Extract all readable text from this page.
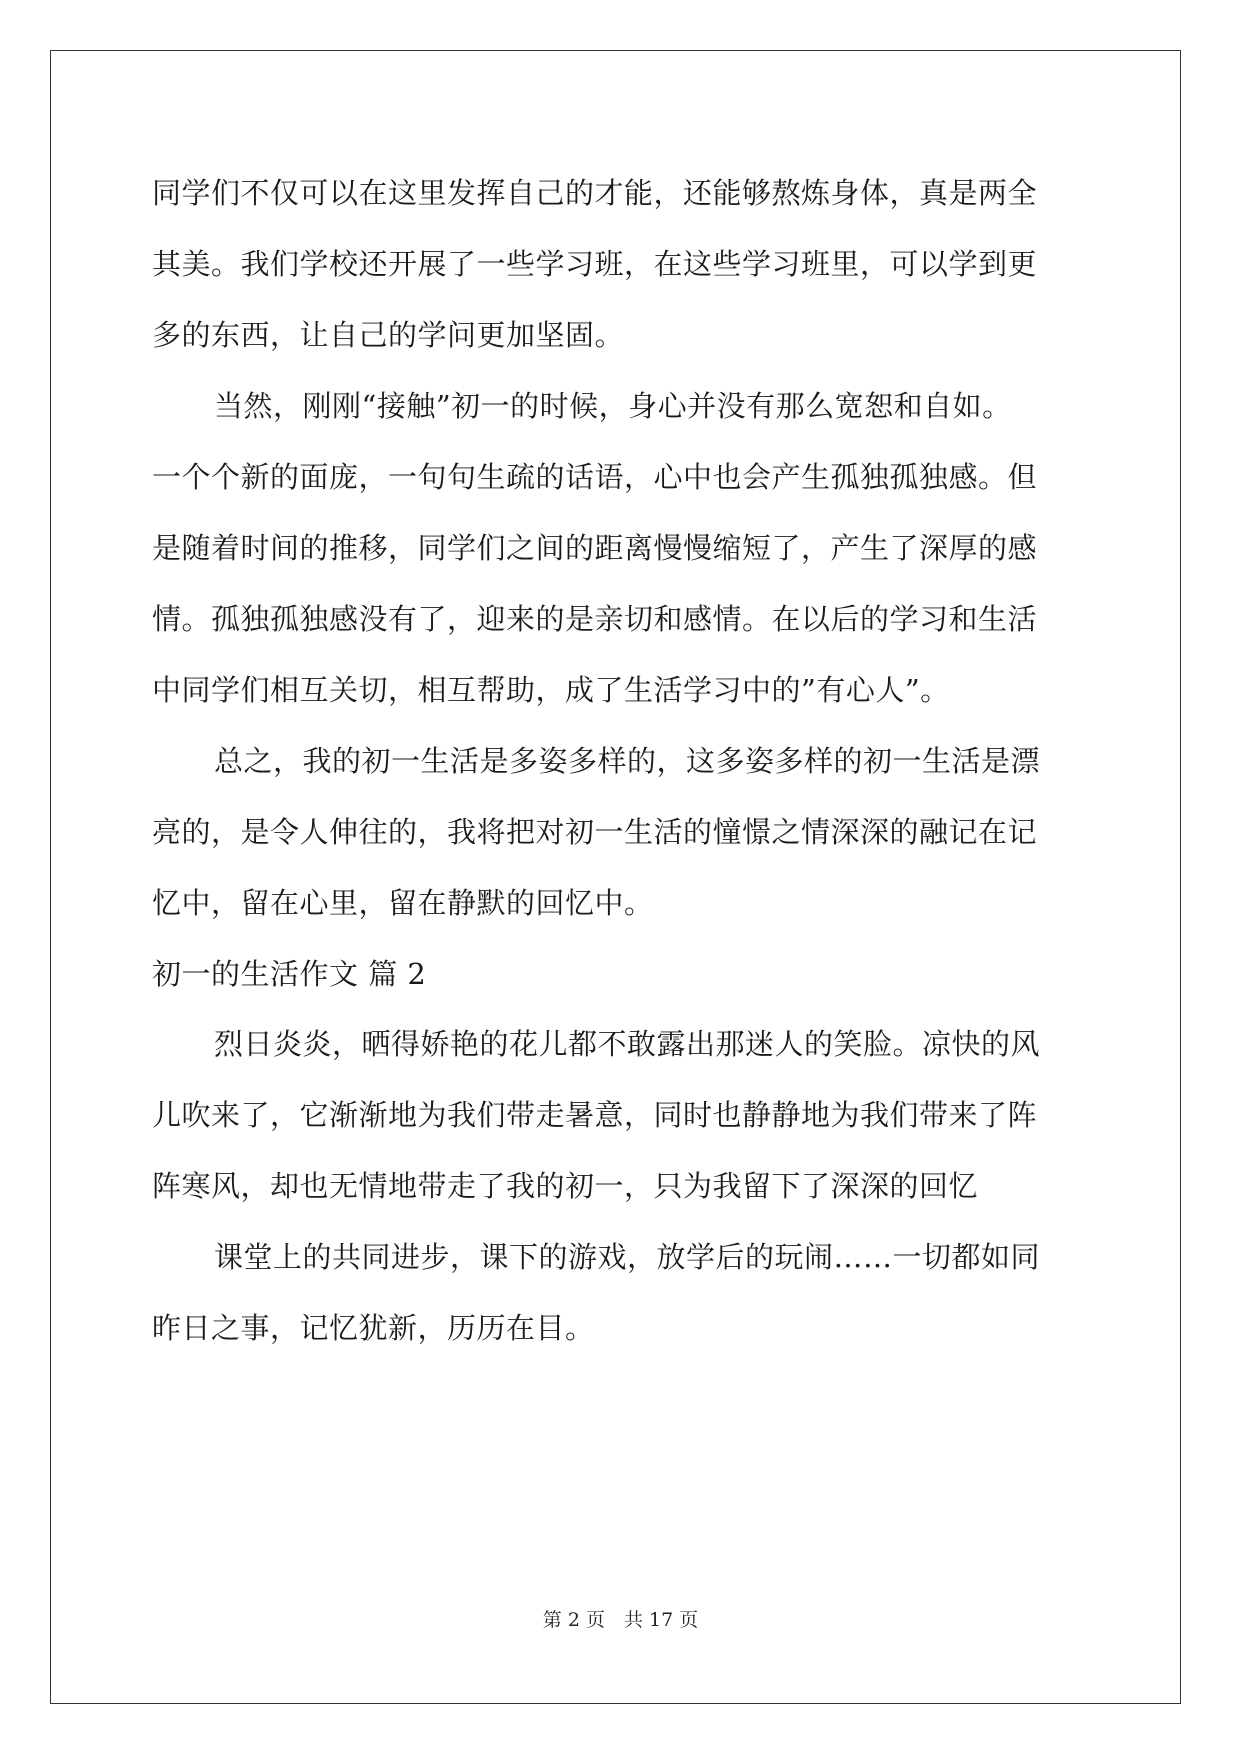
同学们不仅可以在这里发挥自己的才能，还能够熬炼身体，真是两全
其美。我们学校还开展了一些学习班，在这些学习班里，可以学到更
多的东西，让自己的学问更加坚固。
当然，刚刚“接触”初一的时候，身心并没有那么宽恕和自如。
一个个新的面庞，一句句生疏的话语，心中也会产生孤独孤独感。但
是随着时间的推移，同学们之间的距离慢慢缩短了，产生了深厚的感
情。孤独孤独感没有了，迎来的是亲切和感情。在以后的学习和生活
中同学们相互关切，相互帮助，成了生活学习中的”有心人”。
总之，我的初一生活是多姿多样的，这多姿多样的初一生活是漂
亮的，是令人伸往的，我将把对初一生活的憧憬之情深深的融记在记
忆中，留在心里，留在静默的回忆中。
初一的生活作文 篇 2
烈日炎炎，晒得娇艳的花儿都不敢露出那迷人的笑脸。凉快的风
儿吹来了，它渐渐地为我们带走暑意，同时也静静地为我们带来了阵
阵寒风，却也无情地带走了我的初一，只为我留下了深深的回忆
课堂上的共同进步，课下的游戏，放学后的玩闹……一切都如同
昨日之事，记忆犹新，历历在目。
第 2 页　共 17 页
